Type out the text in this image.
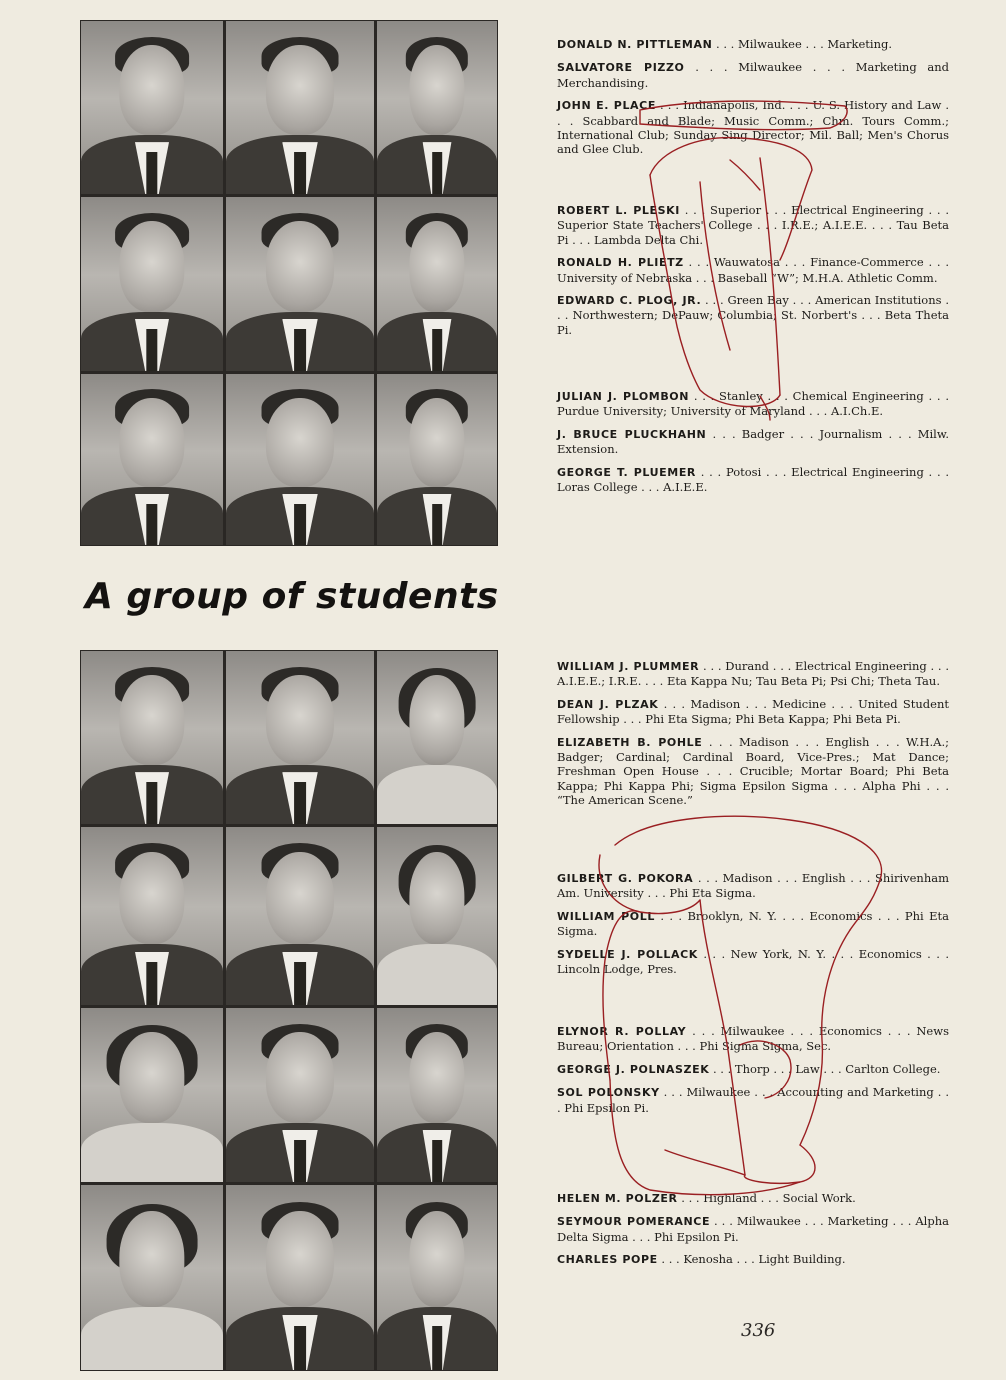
DONALD N. PITTLEMAN . . . Milwaukee . . . Marketing.

SALVATORE PIZZO . . . Milwaukee . . . Marketing and Merchandising.

JOHN E. PLACE . . . Indianapolis, Ind. . . . U. S. History and Law . . . Scabbard and Blade; Music Comm.; Chm. Tours Comm.; International Club; Sunday Sing Director; Mil. Ball; Men's Chorus and Glee Club.

ROBERT L. PLESKI . . . Superior . . . Electrical Engineering . . . Superior State Teachers' College . . . I.R.E.; A.I.E.E. . . . Tau Beta Pi . . . Lambda Delta Chi.

RONALD H. PLIETZ . . . Wauwatosa . . . Finance-Commerce . . . University of Nebraska . . . Baseball “W”; M.H.A. Athletic Comm.

EDWARD C. PLOG, JR. . . . Green Bay . . . American Institutions . . . Northwestern; DePauw; Columbia; St. Norbert's . . . Beta Theta Pi.

JULIAN J. PLOMBON . . . Stanley . . . Chemical Engineering . . . Purdue University; University of Maryland . . . A.I.Ch.E.

J. BRUCE PLUCKHAHN . . . Badger . . . Journalism . . . Milw. Extension.

GEORGE T. PLUEMER . . . Potosi . . . Electrical Engineering . . . Loras College . . . A.I.E.E.

A group of students

WILLIAM J. PLUMMER . . . Durand . . . Electrical Engineering . . . A.I.E.E.; I.R.E. . . . Eta Kappa Nu; Tau Beta Pi; Psi Chi; Theta Tau.

DEAN J. PLZAK . . . Madison . . . Medicine . . . United Student Fellowship . . . Phi Eta Sigma; Phi Beta Kappa; Phi Beta Pi.

ELIZABETH B. POHLE . . . Madison . . . English . . . W.H.A.; Badger; Cardinal; Cardinal Board, Vice-Pres.; Mat Dance; Freshman Open House . . . Crucible; Mortar Board; Phi Beta Kappa; Phi Kappa Phi; Sigma Epsilon Sigma . . . Alpha Phi . . . “The American Scene.”

GILBERT G. POKORA . . . Madison . . . English . . . Shirivenham Am. University . . . Phi Eta Sigma.

WILLIAM POLL . . . Brooklyn, N. Y. . . . Economics . . . Phi Eta Sigma.

SYDELLE J. POLLACK . . . New York, N. Y. . . . Economics . . . Lincoln Lodge, Pres.

ELYNOR R. POLLAY . . . Milwaukee . . . Economics . . . News Bureau; Orientation . . . Phi Sigma Sigma, Sec.

GEORGE J. POLNASZEK . . . Thorp . . . Law . . . Carlton College.

SOL POLONSKY . . . Milwaukee . . . Accounting and Marketing . . . Phi Epsilon Pi.

HELEN M. POLZER . . . Highland . . . Social Work.

SEYMOUR POMERANCE . . . Milwaukee . . . Marketing . . . Alpha Delta Sigma . . . Phi Epsilon Pi.

CHARLES POPE . . . Kenosha . . . Light Building.

336
